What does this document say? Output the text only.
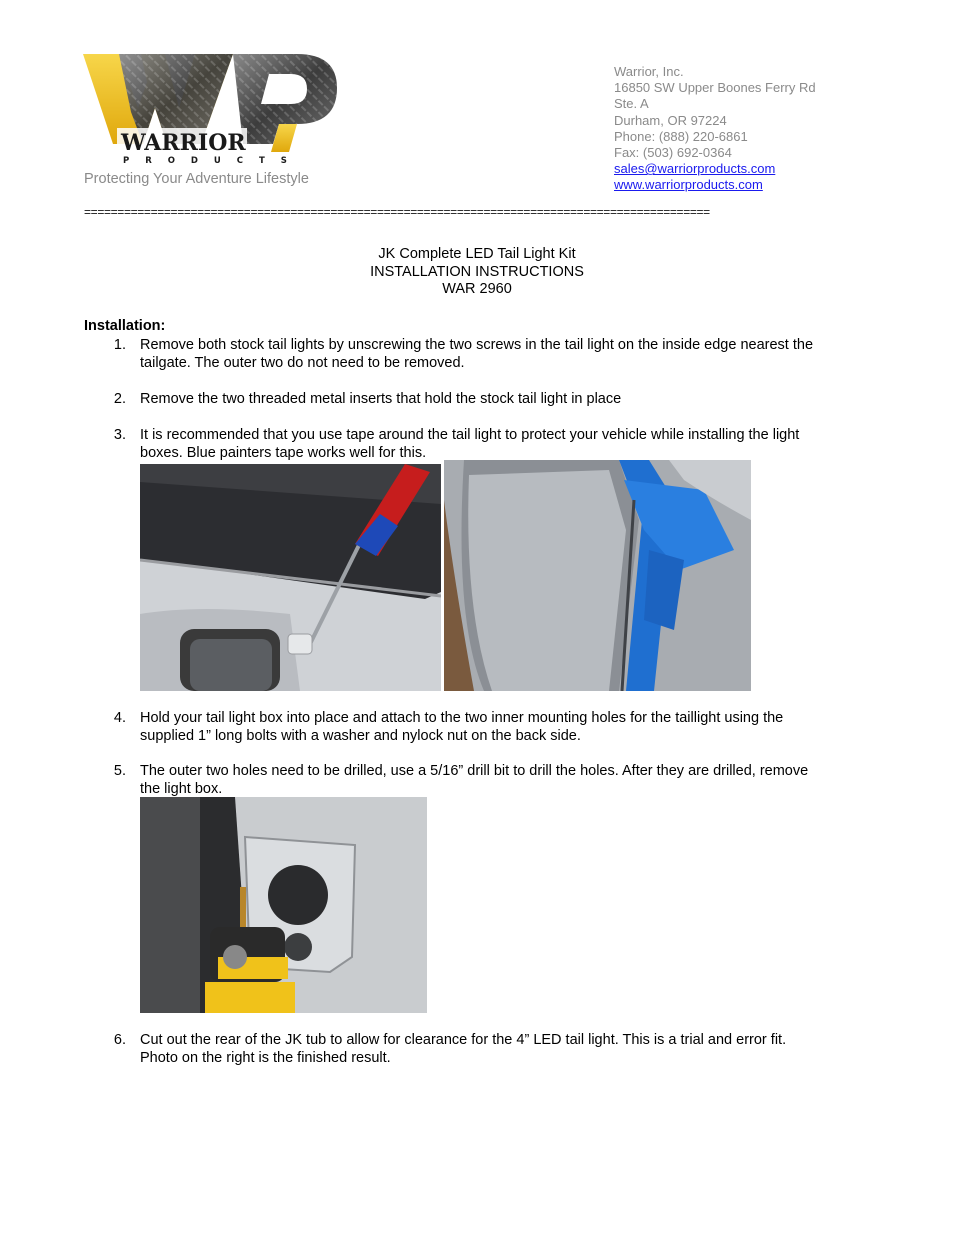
WARRIOR
P R O D U C T S
Protecting Your Adventure Lifestyle
Warrior, Inc.
16850 SW Upper Boones Ferry Rd
Ste. A
Durham, OR 97224
Phone: (888) 220-6861
Fax: (503) 692-0364
sales@warriorproducts.com
www.warriorproducts.com
==============================================================================================
JK Complete LED Tail Light Kit
INSTALLATION INSTRUCTIONS
WAR 2960
Installation:
1. Remove both stock tail lights by unscrewing the two screws in the tail light on the inside edge nearest the
tailgate. The outer two do not need to be removed.
2. Remove the two threaded metal inserts that hold the stock tail light in place
3. It is recommended that you use tape around the tail light to protect your vehicle while installing the light
boxes. Blue painters tape works well for this.
4. Hold your tail light box into place and attach to the two inner mounting holes for the taillight using the
supplied 1” long bolts with a washer and nylock nut on the back side.
5. The outer two holes need to be drilled, use a 5/16” drill bit to drill the holes. After they are drilled, remove
the light box.
6. Cut out the rear of the JK tub to allow for clearance for the 4” LED tail light. This is a trial and error fit.
Photo on the right is the finished result.
